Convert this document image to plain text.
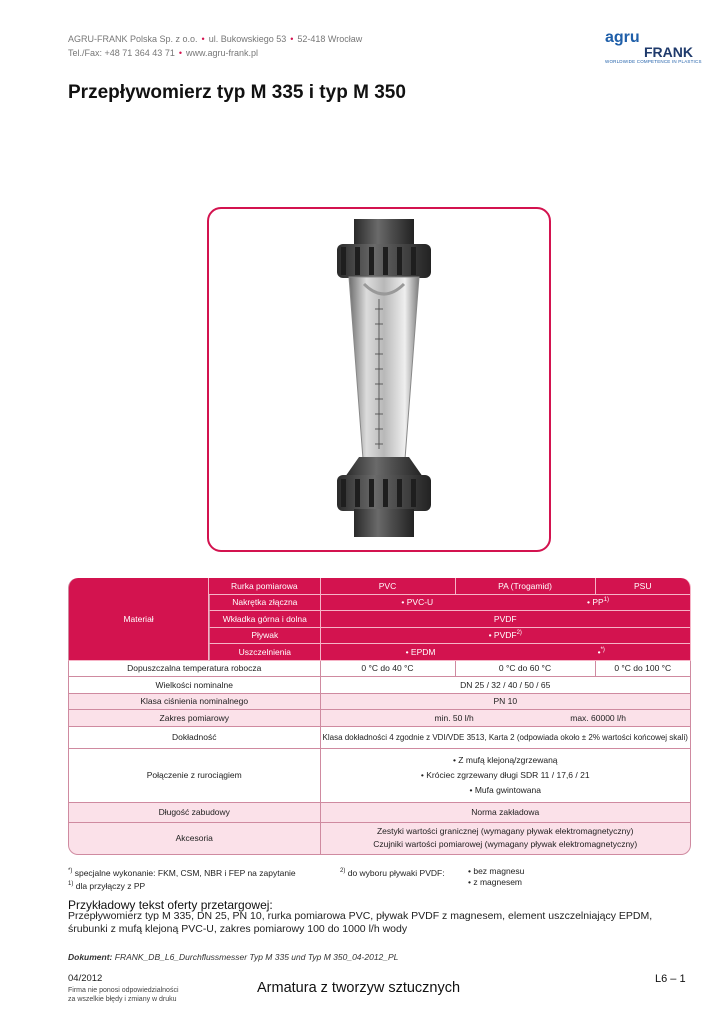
AGRU-FRANK Polska Sp. z o.o. • ul. Bukowskiego 53 • 52-418 Wrocław
Tel./Fax: +48 71 364 43 71 • www.agru-frank.pl
agru
FRANK
WORLDWIDE COMPETENCE IN PLASTICS
Przepływomierz typ M 335 i typ M 350
Materiał	Rurka pomiarowa	PVC	PA (Trogamid)	PSU
	Nakrętka złączna	• PVC-U • PP$^{1)}$

	Wkładka górna i dolna	PVDF		
	Pływak	• PVDF$^{2)}$
	Uszczelnienia	• EPDM •*)

Dopuszczalna temperatura robocza		0 °C do 40 °C	0 °C do 60 °C	0 °C do 100 °C
Wielkości nominalne		DN 25 / 32 / 40 / 50 / 65		
Klasa ciśnienia nominalnego		PN 10		
Zakres pomiarowy		min. 50 l/h max. 60000 l/h		

Dokładność		Klasa dokładności 4 zgodnie z VDI/VDE 3513, Karta 2 (odpowiada około ± 2% wartości końcowej skali)		
Połączenie z rurociągiem		• Z mufą klejoną/zgrzewaną
• Króciec zgrzewany długi SDR 11 / 17,6 / 21
• Mufa gwintowana		

Długość zabudowy		Norma zakładowa		
Akcesoria		Zestyki wartości granicznej (wymagany pływak elektromagnetyczny)
Czujniki wartości pomiarowej (wymagany pływak elektromagnetyczny)		
*) specjalne wykonanie: FKM, CSM, NBR i FEP na zapytanie
$^{1)}$ dla przyłączy z PP
$^{2)}$ do wyboru pływaki PVDF:	• bez magnesu
• z magnesem
Przykładowy tekst oferty przetargowej:
Przepływomierz typ M 335, DN 25, PN 10, rurka pomiarowa PVC, pływak PVDF z magnesem, element uszczelniający EPDM, śrubunki z mufą klejoną PVC-U, zakres pomiarowy 100 do 1000 l/h wody
Dokument: FRANK_DB_L6_Durchflussmesser Typ M 335 und Typ M 350_04-2012_PL
04/2012
Firma nie ponosi odpowiedzialności
za wszelkie błędy i zmiany w druku
Armatura z tworzyw sztucznych
L6 – 1
